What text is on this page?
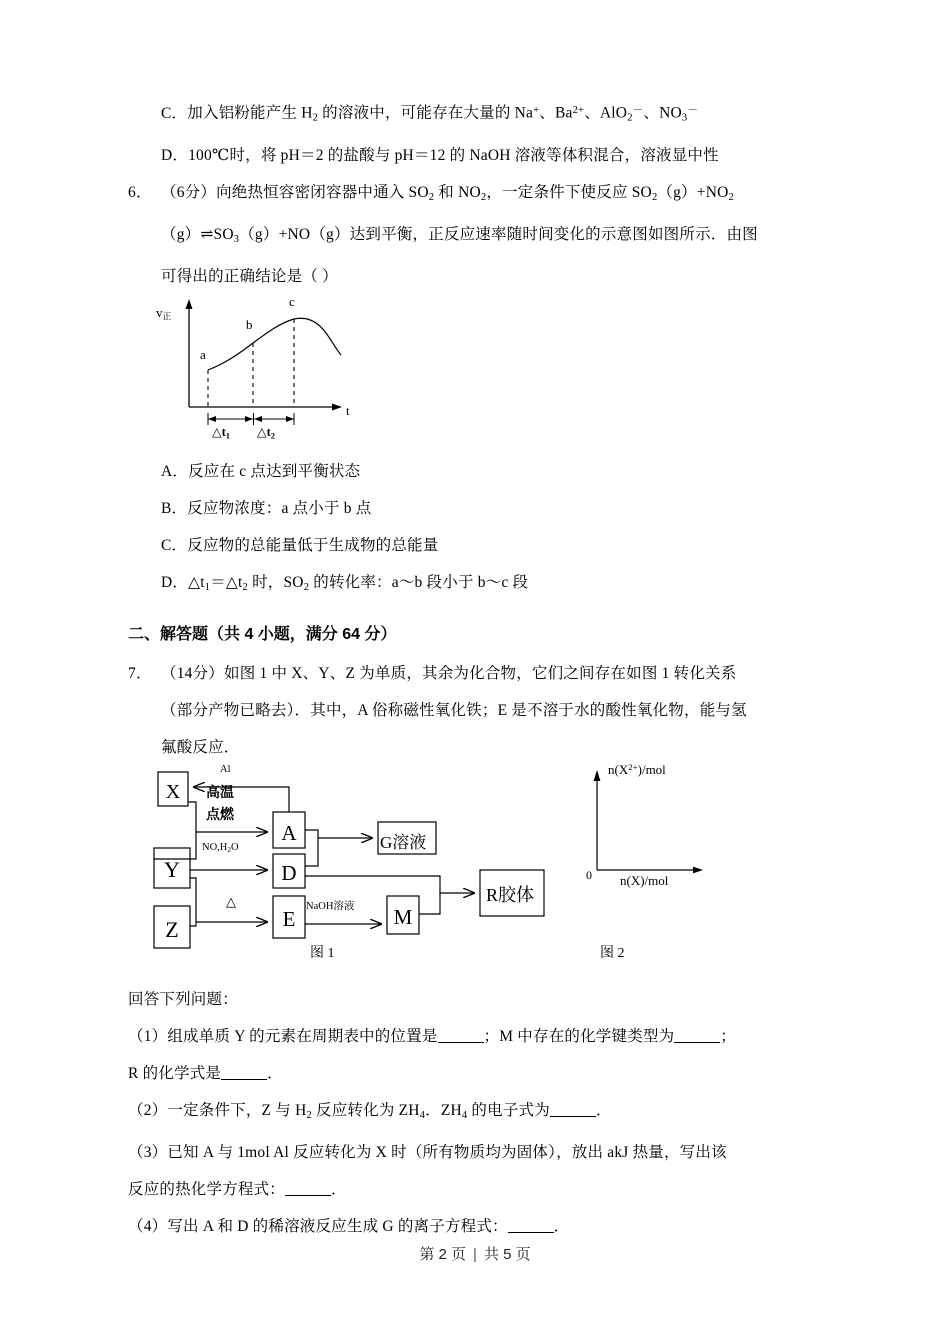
C．加入铝粉能产生 $H_2$ 的溶液中，可能存在大量的 Na+、$Ba^{2+}$、AlO$_2$－、$NO_3^-$
D．100℃时，将 pH＝2 的盐酸与 pH＝12 的 NaOH 溶液等体积混合，溶液显中性
6． （6分）向绝热恒容密闭容器中通入 $SO_2$ 和 $NO_2$，一定条件下使反应 $SO_2(g)+NO_2$
$(g)\rightleftharpoons SO_3(g)+NO(g)$达到平衡，正反应速率随时间变化的示意图如图所示．由图
可得出的正确结论是（ ）
$v_正$
a
b
c
t
$\triangle t_1$ $\triangle t_2$
A．反应在 c 点达到平衡状态
B．反应物浓度：a 点小于 b 点
C．反应物的总能量低于生成物的总能量
D．$\triangle t_1=\triangle t_2$ 时，$SO_2$ 的转化率：a～b 段小于 b～c 段
二、解答题（共 4 小题，满分 64 分）
7． （14分）如图 1 中 X、Y、Z 为单质，其余为化合物，它们之间存在如图 1 转化关系
（部分产物已略去）．其中，A 俗称磁性氧化铁；E 是不溶于水的酸性氧化物，能与氢
氟酸反应．
X
Y
Z
A
D
E	M
Al
高温
点燃
$NO,H_2O$
△	NaOH溶液
G溶液
R胶体
$n(X^{2+})$/mol
0 n(X)/mol
图 1	图 2
回答下列问题：
（1）组成单质 Y 的元素在周期表中的位置是	；M 中存在的化学键类型为	；
R 的化学式是	．
（2）一定条件下，Z 与 $H_2$ 反应转化为 $ZH_4$．$ZH_4$ 的电子式为	．
（3）已知 A 与 1mol Al 反应转化为 X 时（所有物质均为固体），放出 akJ 热量，写出该
反应的热化学方程式：	．
（4）写出 A 和 D 的稀溶液反应生成 G 的离子方程式：	．
第 2 页 | 共 5 页
